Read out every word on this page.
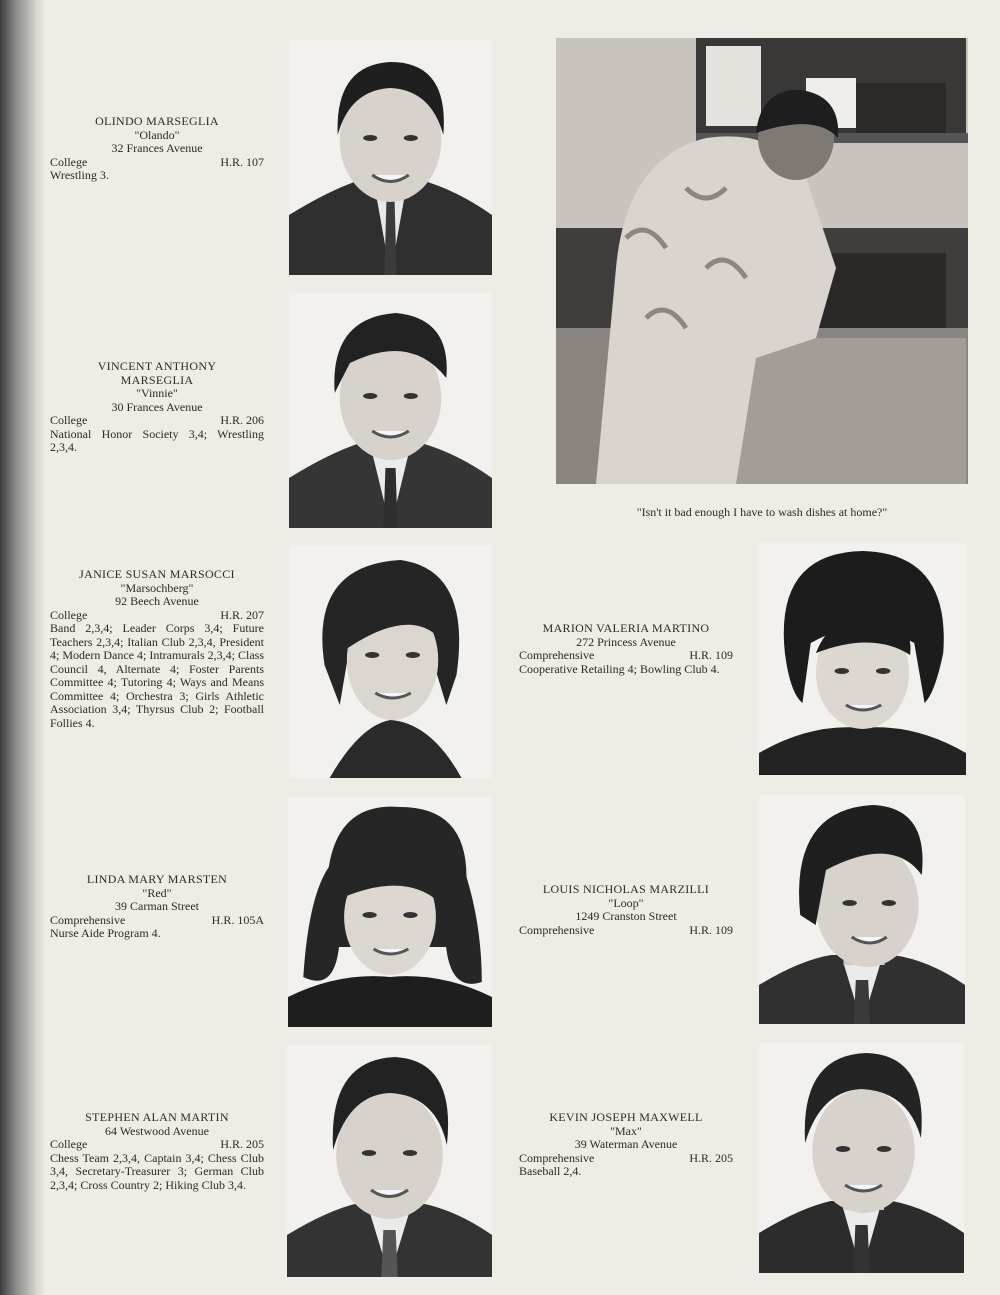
OLINDO MARSEGLIA
"Olando"
32 Frances Avenue
College	H.R. 107
Wrestling 3.
VINCENT ANTHONY MARSEGLIA
"Vinnie"
30 Frances Avenue
College	H.R. 206
National Honor Society 3,4; Wrestling 2,3,4.
JANICE SUSAN MARSOCCI
"Marsochberg"
92 Beech Avenue
College	H.R. 207
Band 2,3,4; Leader Corps 3,4; Future Teachers 2,3,4; Italian Club 2,3,4, President 4; Modern Dance 4; Intramurals 2,3,4; Class Council 4, Alternate 4; Foster Parents Committee 4; Tutoring 4; Ways and Means Committee 4; Orchestra 3; Girls Athletic Association 3,4; Thyrsus Club 2; Football Follies 4.
LINDA MARY MARSTEN
"Red"
39 Carman Street
Comprehensive	H.R. 105A
Nurse Aide Program 4.
STEPHEN ALAN MARTIN
64 Westwood Avenue
College	H.R. 205
Chess Team 2,3,4, Captain 3,4; Chess Club 3,4, Secretary-Treasurer 3; German Club 2,3,4; Cross Country 2; Hiking Club 3,4.
MARION VALERIA MARTINO
272 Princess Avenue
Comprehensive	H.R. 109
Cooperative Retailing 4; Bowling Club 4.
LOUIS NICHOLAS MARZILLI
"Loop"
1249 Cranston Street
Comprehensive	H.R. 109
KEVIN JOSEPH MAXWELL
"Max"
39 Waterman Avenue
Comprehensive	H.R. 205
Baseball 2,4.
"Isn't it bad enough I have to wash dishes at home?"
